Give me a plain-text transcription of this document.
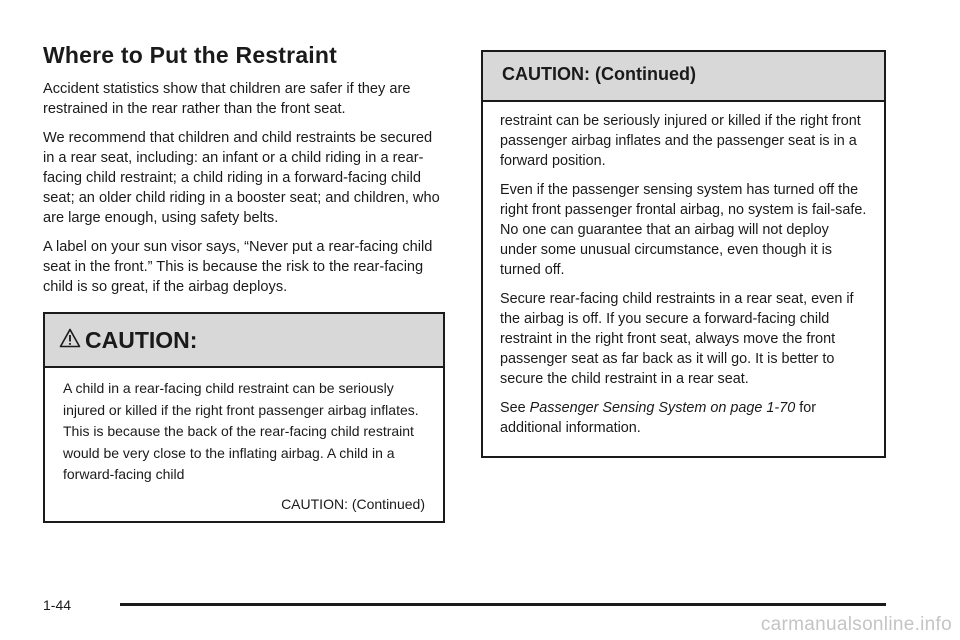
Where to Put the Restraint

Accident statistics show that children are safer if they are restrained in the rear rather than the front seat.

We recommend that children and child restraints be secured in a rear seat, including: an infant or a child riding in a rear-facing child restraint; a child riding in a forward-facing child seat; an older child riding in a booster seat; and children, who are large enough, using safety belts.

A label on your sun visor says, “Never put a rear-facing child seat in the front.” This is because the risk to the rear-facing child is so great, if the airbag deploys.

CAUTION:

A child in a rear-facing child restraint can be seriously injured or killed if the right front passenger airbag inflates. This is because the back of the rear-facing child restraint would be very close to the inflating airbag. A child in a forward-facing child

CAUTION: (Continued)

CAUTION: (Continued)

restraint can be seriously injured or killed if the right front passenger airbag inflates and the passenger seat is in a forward position.

Even if the passenger sensing system has turned off the right front passenger frontal airbag, no system is fail-safe. No one can guarantee that an airbag will not deploy under some unusual circumstance, even though it is turned off.

Secure rear-facing child restraints in a rear seat, even if the airbag is off. If you secure a forward-facing child restraint in the right front seat, always move the front passenger seat as far back as it will go. It is better to secure the child restraint in a rear seat.

See Passenger Sensing System on page 1-70 for additional information.

1-44
carmanualsonline.info
